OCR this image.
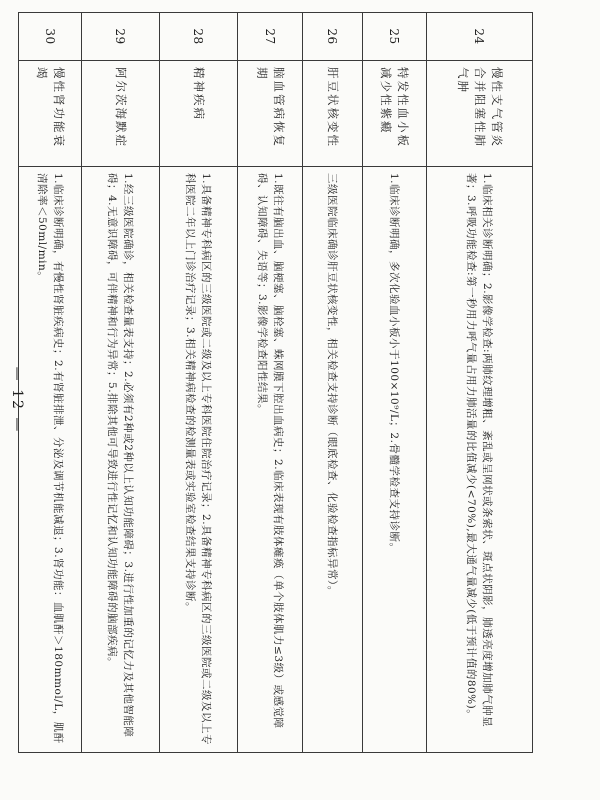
24	慢性支气管炎合并阻塞性肺气肿	1.临床相关诊断明确；2.影像学检查:两肺纹理增粗、紊乱或呈网状或条索状、斑点状阴影，肺透亮度增加肺气肿显著；3.呼吸功能检查:第一秒用力呼气量占用力肺活量的比值减少(<70%),最大通气量减少(低于预计值的80%)。
25	特发性血小板减少性紫癜	1.临床诊断明确，多次化验血小板小于100×10⁹/L；2.骨髓学检查支持诊断。
26	肝豆状核变性	三级医院临床确诊肝豆状核变性，相关检查支持诊断（眼底检查、化验检查指标异常）。
27	脑血管病恢复期	1.既往有脑出血、脑梗塞、脑栓塞、蛛网膜下腔出血病史；2.临床表现有肢体瘫痪（单个肢体肌力≤3级）或感觉障碍、认知障碍、失语等；3.影像学检查阳性结果。
28	精神疾病	1.具备精神专科病区的三级医院或二级及以上专科医院住院治疗记录；2.具备精神专科病区的三级医院或二级及以上专科医院二年以上门诊治疗记录；3.相关精神病检查的检测量表或实验室检查结果支持诊断。
29	阿尔茨海默症	1.经三级医院确诊，相关检查量表支持；2.必须有2种或2种以上认知功能障碍；3.进行性加重的记忆力及其他智能障碍；4.无意识障碍，可伴精神和行为异常；5.排除其他可导致进行性记忆和认知功能障碍的脑部疾病。
30	慢性肾功能衰竭	1.临床诊断明确，有慢性肾脏疾病史；2.有肾脏排泄、分泌及调节机能减退；3.肾功能：血肌酐＞180mmol/L，肌酐清除率＜50ml/min。
— 12 —
